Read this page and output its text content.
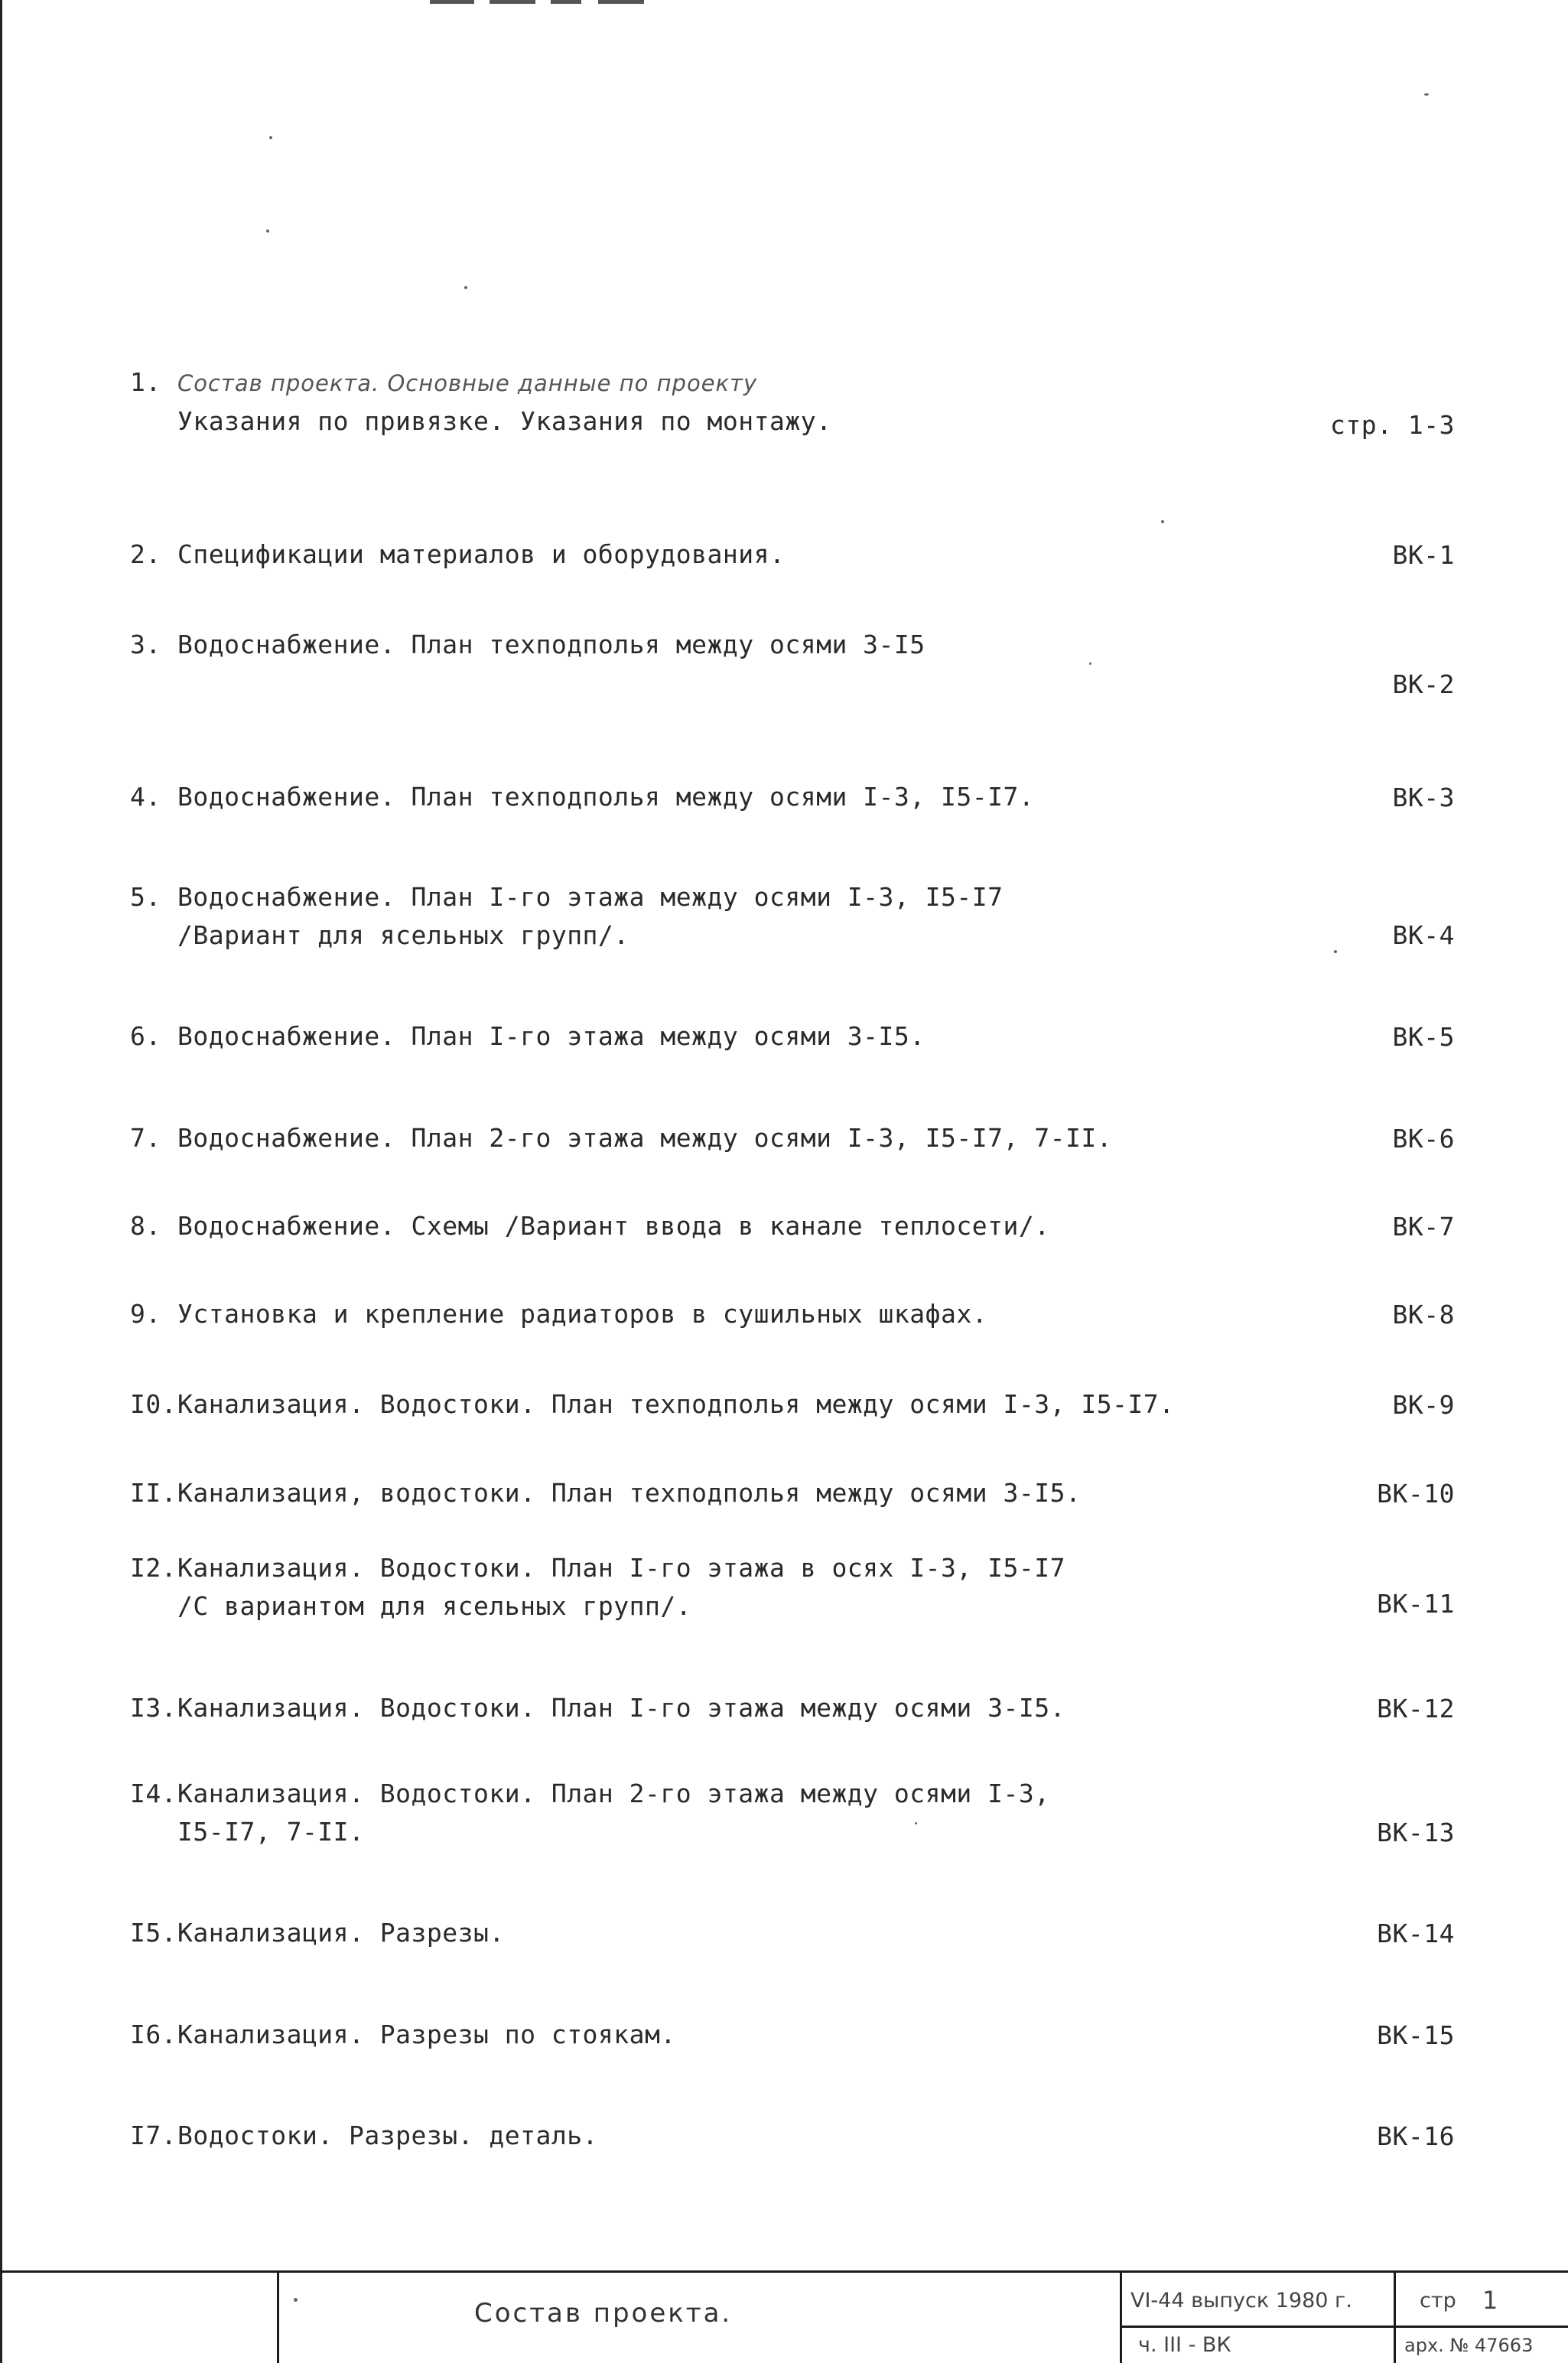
1. Состав проекта. Основные данные по проекту
Указания по привязке. Указания по монтажу.	стр. 1-3
2. Спецификации материалов и оборудования.	ВК-1
3. Водоснабжение. План техподполья между осями 3-I5
ВК-2
4. Водоснабжение. План техподполья между осями I-3, I5-I7.	ВК-3
5. Водоснабжение. План I-го этажа между осями I-3, I5-I7
/Вариант для ясельных групп/.	ВК-4
6. Водоснабжение. План I-го этажа между осями 3-I5.	ВК-5
7. Водоснабжение. План 2-го этажа между осями I-3, I5-I7, 7-II.	ВК-6
8. Водоснабжение. Схемы /Вариант ввода в канале теплосети/.	ВК-7
9. Установка и крепление радиаторов в сушильных шкафах.	ВК-8
I0.Канализация. Водостоки. План техподполья между осями I-3, I5-I7.	ВК-9
II.Канализация, водостоки. План техподполья между осями 3-I5.	ВК-10
I2.Канализация. Водостоки. План I-го этажа в осях I-3, I5-I7
/С вариантом для ясельных групп/.	ВК-11
I3.Канализация. Водостоки. План I-го этажа между осями 3-I5.	ВК-12
I4.Канализация. Водостоки. План 2-го этажа между осями I-3,
I5-I7, 7-II.	ВК-13
I5.Канализация. Разрезы.	ВК-14
I6.Канализация. Разрезы по стоякам.	ВК-15
I7.Водостоки. Разрезы. деталь.	ВК-16
Состав проекта.	VI-44 выпуск 1980 г.
ч. III - ВК
стр 1
арх. № 47663
